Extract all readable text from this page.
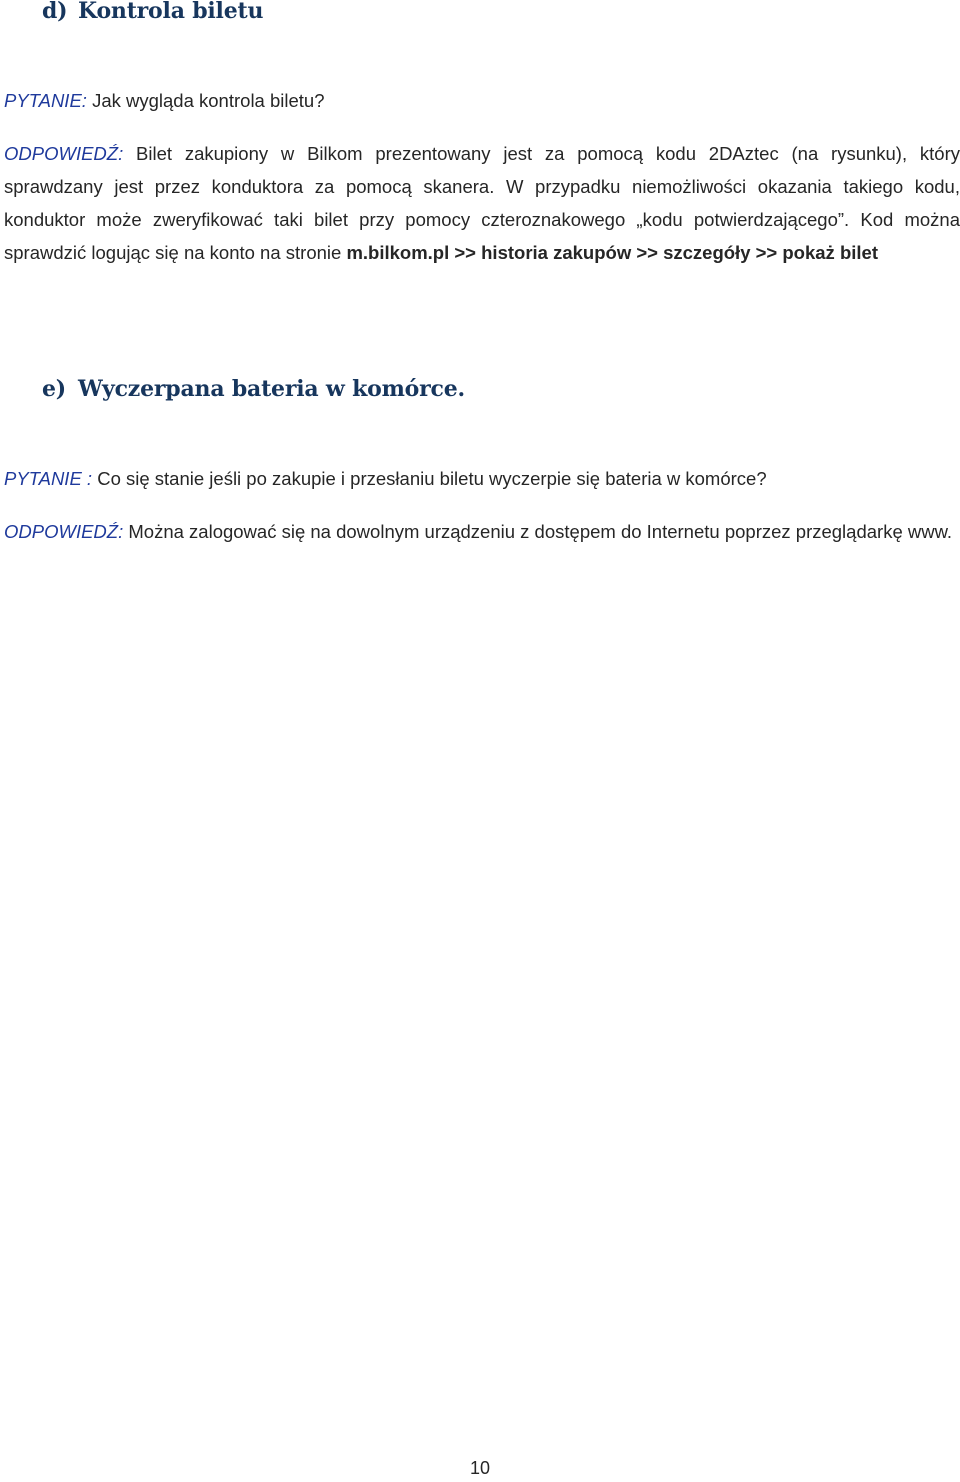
d) Kontrola biletu

PYTANIE: Jak wygląda kontrola biletu?

ODPOWIEDŹ: Bilet zakupiony w Bilkom prezentowany jest za pomocą kodu 2DAztec (na rysunku), który sprawdzany jest przez konduktora za pomocą skanera. W przypadku niemożliwości okazania takiego kodu, konduktor może zweryfikować taki bilet przy pomocy czteroznakowego „kodu potwierdzającego”. Kod można sprawdzić logując się na konto na stronie m.bilkom.pl >> historia zakupów >> szczegóły >> pokaż bilet

e) Wyczerpana bateria w komórce.

PYTANIE : Co się stanie jeśli po zakupie i przesłaniu biletu wyczerpie się bateria w komórce?

ODPOWIEDŹ: Można zalogować się na dowolnym urządzeniu z dostępem do Internetu poprzez przeglądarkę www.

10
